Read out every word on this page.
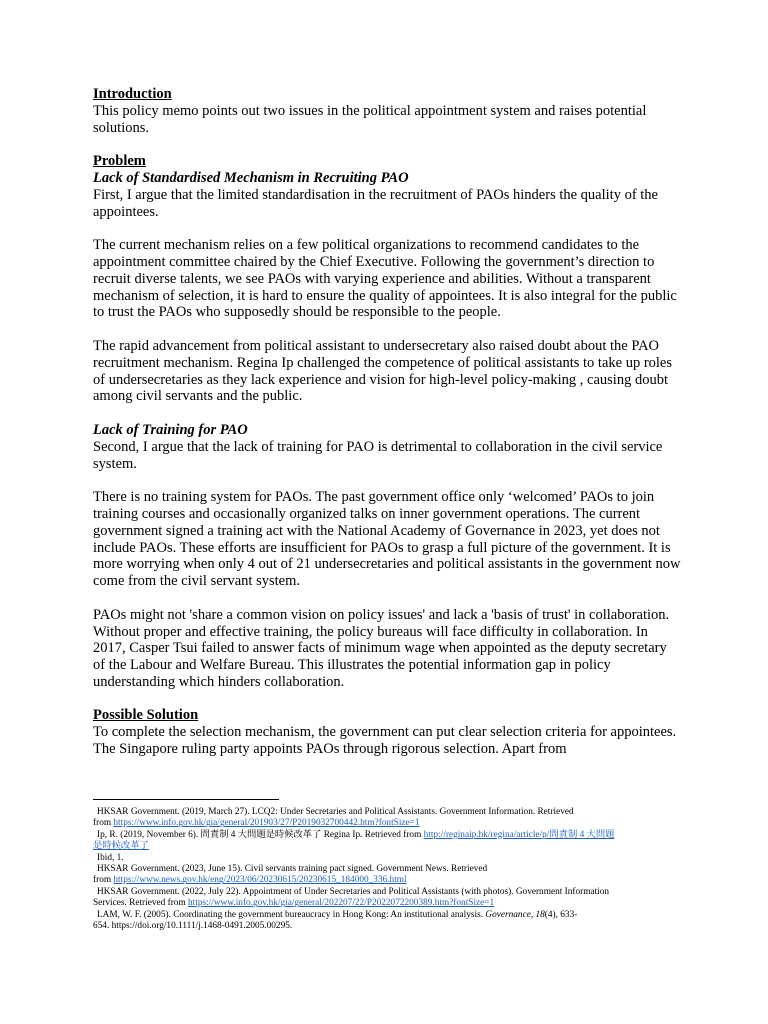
Introduction

This policy memo points out two issues in the political appointment system and raises potential solutions.

Problem

Lack of Standardised Mechanism in Recruiting PAO

First, I argue that the limited standardisation in the recruitment of PAOs hinders the quality of the appointees.

The current mechanism relies on a few political organizations to recommend candidates to the appointment committee chaired by the Chief Executive. Following the government’s direction to recruit diverse talents, we see PAOs with varying experience and abilities. Without a transparent mechanism of selection, it is hard to ensure the quality of appointees. It is also integral for the public to trust the PAOs who supposedly should be responsible to the people.

The rapid advancement from political assistant to undersecretary also raised doubt about the PAO recruitment mechanism. Regina Ip challenged the competence of political assistants to take up roles of undersecretaries as they lack experience and vision for high-level policy-making , causing doubt among civil servants and the public.

Lack of Training for PAO

Second, I argue that the lack of training for PAO is detrimental to collaboration in the civil service system.

There is no training system for PAOs. The past government office only ‘welcomed’ PAOs to join training courses and occasionally organized talks on inner government operations. The current government signed a training act with the National Academy of Governance in 2023, yet does not include PAOs. These efforts are insufficient for PAOs to grasp a full picture of the government. It is more worrying when only 4 out of 21 undersecretaries and political assistants in the government now come from the civil servant system.

PAOs might not 'share a common vision on policy issues' and lack a 'basis of trust' in collaboration. Without proper and effective training, the policy bureaus will face difficulty in collaboration. In 2017, Casper Tsui failed to answer facts of minimum wage when appointed as the deputy secretary of the Labour and Welfare Bureau. This illustrates the potential information gap in policy understanding which hinders collaboration.

Possible Solution

To complete the selection mechanism, the government can put clear selection criteria for appointees. The Singapore ruling party appoints PAOs through rigorous selection. Apart from

HKSAR Government. (2019, March 27). LCQ2: Under Secretaries and Political Assistants. Government Information. Retrieved

from https://www.info.gov.hk/gia/general/201903/27/P2019032700442.htm?fontSize=1

Ip, R. (2019, November 6). 問責制 4 大問題是時候改革了 Regina Ip. Retrieved from http://reginaip.hk/regina/article/p/問責制 4 大問題

是時候改革了

Ibid, 1.

HKSAR Government. (2023, June 15). Civil servants training pact signed. Government News. Retrieved

from https://www.news.gov.hk/eng/2023/06/20230615/20230615_184000_336.html

HKSAR Government. (2022, July 22). Appointment of Under Secretaries and Political Assistants (with photos). Government Information

Services. Retrieved from https://www.info.gov.hk/gia/general/202207/22/P2022072200389.htm?fontSize=1

LAM, W. F. (2005). Coordinating the government bureaucracy in Hong Kong: An institutional analysis. Governance, 18(4), 633-

654. https://doi.org/10.1111/j.1468-0491.2005.00295.
